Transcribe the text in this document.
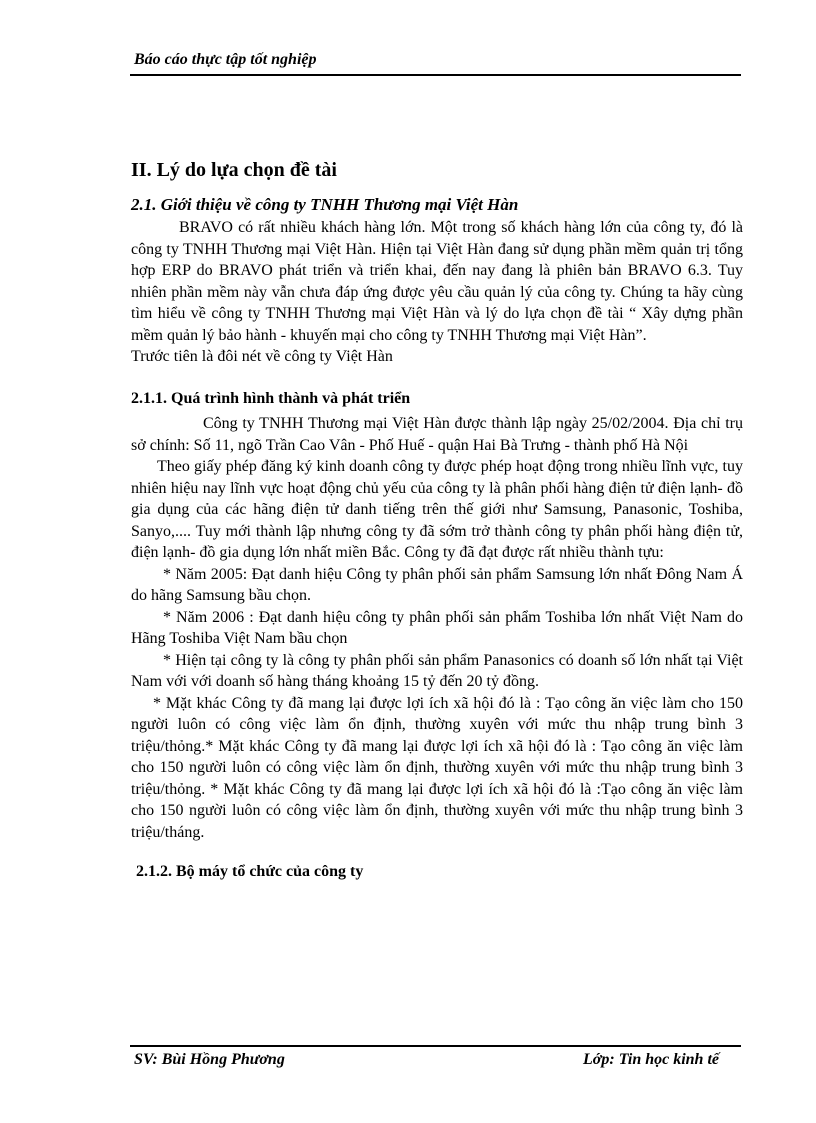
Báo cáo thực tập tốt nghiệp
II. Lý do lựa chọn đề tài
2.1. Giới thiệu về công ty TNHH Thương mại Việt Hàn

BRAVO có rất nhiều khách hàng lớn. Một trong số khách hàng lớn của công ty, đó là công ty TNHH Thương mại Việt Hàn. Hiện tại Việt Hàn đang sử dụng phần mềm quản trị tổng hợp ERP do BRAVO phát triển và triển khai, đến nay đang là phiên bản BRAVO 6.3. Tuy nhiên phần mềm này vẫn chưa đáp ứng được yêu cầu quản lý của công ty. Chúng ta hãy cùng tìm hiểu về công ty TNHH Thương mại Việt Hàn và lý do lựa chọn đề tài “ Xây dựng phần mềm quản lý bảo hành - khuyến mại cho công ty TNHH Thương mại Việt Hàn”.

Trước tiên là đôi nét về công ty Việt Hàn

2.1.1. Quá trình hình thành và phát triển

Công ty TNHH Thương mại Việt Hàn được thành lập ngày 25/02/2004. Địa chỉ trụ sở chính: Số 11, ngõ Trần Cao Vân - Phố Huế - quận Hai Bà Trưng - thành phố Hà Nội

Theo giấy phép đăng ký kinh doanh công ty được phép hoạt động trong nhiều lĩnh vực, tuy nhiên hiệu nay lĩnh vực hoạt động chủ yếu của công ty là phân phối hàng điện tử điện lạnh- đồ gia dụng của các hãng điện tử danh tiếng trên thế giới như Samsung, Panasonic, Toshiba, Sanyo,.... Tuy mới thành lập nhưng công ty đã sớm trở thành công ty phân phối hàng điện tử, điện lạnh- đồ gia dụng lớn nhất miền Bắc. Công ty đã đạt được rất nhiều thành tựu:

* Năm 2005: Đạt danh hiệu Công ty phân phối sản phẩm Samsung lớn nhất Đông Nam Á do hãng Samsung bầu chọn.

* Năm 2006 : Đạt danh hiệu công ty phân phối sản phẩm Toshiba lớn nhất Việt Nam do Hãng Toshiba Việt Nam bầu chọn

* Hiện tại công ty là công ty phân phối sản phẩm Panasonics có doanh số lớn nhất tại Việt Nam với với doanh số hàng tháng khoảng 15 tỷ đến 20 tỷ đồng.

* Mặt khác Công ty đã mang lại được lợi ích xã hội đó là : Tạo công ăn việc làm cho 150 người luôn có công việc làm ổn định, thường xuyên với mức thu nhập trung bình 3 triệu/thỏng.* Mặt khác Công ty đã mang lại được lợi ích xã hội đó là : Tạo công ăn việc làm cho 150 người luôn có công việc làm ổn định, thường xuyên với mức thu nhập trung bình 3 triệu/thỏng. * Mặt khác Công ty đã mang lại được lợi ích xã hội đó là :Tạo công ăn việc làm cho 150 người luôn có công việc làm ổn định, thường xuyên với mức thu nhập trung bình 3 triệu/tháng.

2.1.2. Bộ máy tổ chức của công ty
SV: Bùi Hồng Phương	Lớp: Tin học kinh tế
